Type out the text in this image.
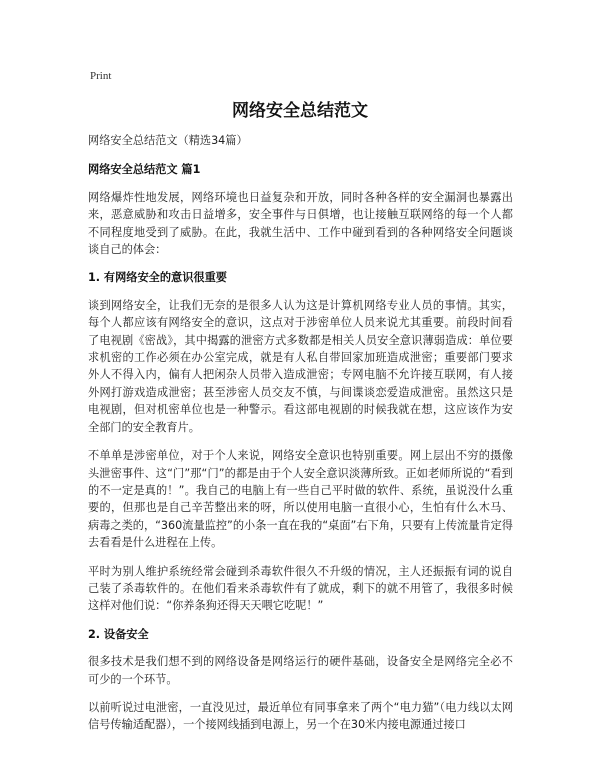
Print
网络安全总结范文

网络安全总结范文（精选34篇）

网络安全总结范文 篇1

网络爆炸性地发展，网络环境也日益复杂和开放，同时各种各样的安全漏洞也暴露出来，恶意威胁和攻击日益增多，安全事件与日俱增，也让接触互联网络的每一个人都不同程度地受到了威胁。在此，我就生活中、工作中碰到看到的各种网络安全问题谈谈自己的体会：

1. 有网络安全的意识很重要

谈到网络安全，让我们无奈的是很多人认为这是计算机网络专业人员的事情。其实，每个人都应该有网络安全的意识，这点对于涉密单位人员来说尤其重要。前段时间看了电视剧《密战》，其中揭露的泄密方式多数都是相关人员安全意识薄弱造成：单位要求机密的工作必须在办公室完成，就是有人私自带回家加班造成泄密；重要部门要求外人不得入内，偏有人把闲杂人员带入造成泄密；专网电脑不允许接互联网，有人接外网打游戏造成泄密；甚至涉密人员交友不慎，与间谍谈恋爱造成泄密。虽然这只是电视剧，但对机密单位也是一种警示。看这部电视剧的时候我就在想，这应该作为安全部门的安全教育片。

不单单是涉密单位，对于个人来说，网络安全意识也特别重要。网上层出不穷的摄像头泄密事件、这“门”那“门”的都是由于个人安全意识淡薄所致。正如老师所说的“看到的不一定是真的！”。我自己的电脑上有一些自己平时做的软件、系统，虽说没什么重要的，但那也是自己辛苦整出来的呀，所以使用电脑一直很小心，生怕有什么木马、病毒之类的，“360流量监控”的小条一直在我的“桌面”右下角，只要有上传流量肯定得去看看是什么进程在上传。

平时为别人维护系统经常会碰到杀毒软件很久不升级的情况，主人还振振有词的说自己装了杀毒软件的。在他们看来杀毒软件有了就成，剩下的就不用管了，我很多时候这样对他们说：“你养条狗还得天天喂它吃呢！”

2. 设备安全

很多技术是我们想不到的网络设备是网络运行的硬件基础，设备安全是网络完全必不可少的一个环节。

以前听说过电泄密，一直没见过，最近单位有同事拿来了两个“电力猫”（电力线以太网信号传输适配器），一个接网线插到电源上，另一个在30米内接电源通过接口
